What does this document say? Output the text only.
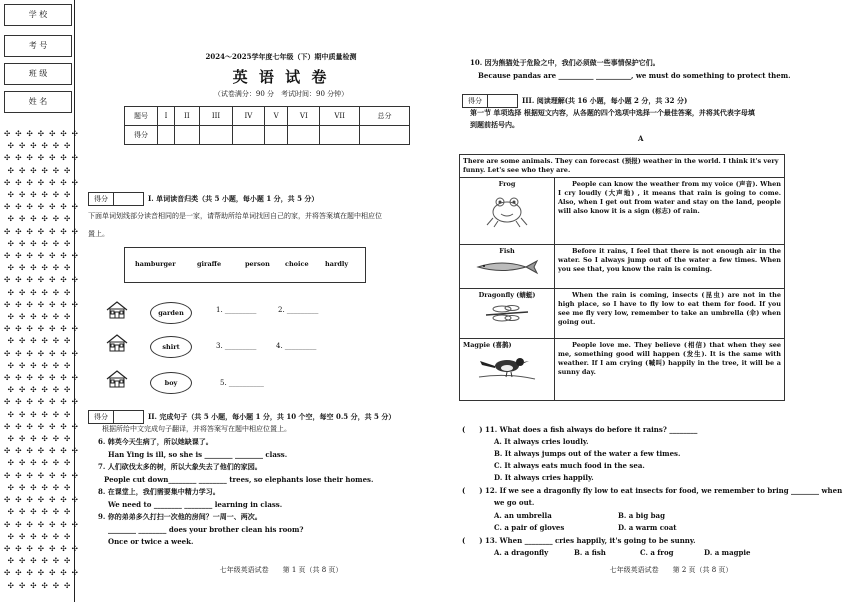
学 校
考 号
班 级
姓 名
✣ ✣ ✣ ✣ ✣ ✣ ✣
✣ ✣ ✣ ✣ ✣ ✣
✣ ✣ ✣ ✣ ✣ ✣ ✣
✣ ✣ ✣ ✣ ✣ ✣
✣ ✣ ✣ ✣ ✣ ✣ ✣
✣ ✣ ✣ ✣ ✣ ✣
✣ ✣ ✣ ✣ ✣ ✣ ✣
✣ ✣ ✣ ✣ ✣ ✣
✣ ✣ ✣ ✣ ✣ ✣ ✣
✣ ✣ ✣ ✣ ✣ ✣
✣ ✣ ✣ ✣ ✣ ✣ ✣
✣ ✣ ✣ ✣ ✣ ✣
✣ ✣ ✣ ✣ ✣ ✣ ✣
✣ ✣ ✣ ✣ ✣ ✣
✣ ✣ ✣ ✣ ✣ ✣ ✣
✣ ✣ ✣ ✣ ✣ ✣
✣ ✣ ✣ ✣ ✣ ✣ ✣
✣ ✣ ✣ ✣ ✣ ✣
✣ ✣ ✣ ✣ ✣ ✣ ✣
✣ ✣ ✣ ✣ ✣ ✣
✣ ✣ ✣ ✣ ✣ ✣ ✣
✣ ✣ ✣ ✣ ✣ ✣
✣ ✣ ✣ ✣ ✣ ✣ ✣
✣ ✣ ✣ ✣ ✣ ✣
✣ ✣ ✣ ✣ ✣ ✣ ✣
✣ ✣ ✣ ✣ ✣ ✣
✣ ✣ ✣ ✣ ✣ ✣ ✣
✣ ✣ ✣ ✣ ✣ ✣
✣ ✣ ✣ ✣ ✣ ✣ ✣
✣ ✣ ✣ ✣ ✣ ✣
✣ ✣ ✣ ✣ ✣ ✣ ✣
✣ ✣ ✣ ✣ ✣ ✣
✣ ✣ ✣ ✣ ✣ ✣ ✣
✣ ✣ ✣ ✣ ✣ ✣
✣ ✣ ✣ ✣ ✣ ✣ ✣
✣ ✣ ✣ ✣ ✣ ✣
✣ ✣ ✣ ✣ ✣ ✣ ✣
✣ ✣ ✣ ✣ ✣ ✣
2024～2025学年度七年级（下）期中质量检测
英 语 试 卷
（试卷满分：90 分　考试时间：90 分钟）
题号	I	II	III	IV	V	VI	VII	总分
得分								
得分	I. 单词读音归类（共 5 小题，每小题 1 分，共 5 分）
下面单词划线部分读音相同的是一家，请帮助所给单词找回自己的家，并将答案填在题中相应位
置上。
hamburger	giraffe	person choice	hardly
garden	1. _________	2. _________
shirt	3. _________	4. _________
boy	5. __________
得分	II. 完成句子（共 5 小题，每小题 1 分，共 10 个空，每空 0.5 分，共 5 分）
根据所给中文完成句子翻译，并将答案写在题中相应位置上。
6. 韩英今天生病了，所以她缺课了。
Han Ying is ill, so she is ________ ________ class.
7. 人们砍伐太多的树，所以大象失去了他们的家园。
People cut down________ ________ trees, so elephants lose their homes.
8. 在课堂上，我们需要集中精力学习。
We need to ________ ________ learning in class.
9. 你的弟弟多久打扫一次他的房间？一周一、两次。
________ ________ does your brother clean his room?
Once or twice a week.
七年级英语试卷　　第 1 页（共 8 页）
10. 因为熊猫处于危险之中，我们必须做一些事情保护它们。
Because pandas are __________ __________, we must do something to protect them.
得分	III. 阅读理解(共 16 小题，每小题 2 分，共 32 分)
第一节 单项选择 根据短文内容，从各题的四个选项中选择一个最佳答案，并将其代表字母填
到题前括号内。
A
There are some animals. They can forecast (预报) weather in the world. I think it's very funny. Let's see who they are.	

Frog	People can know the weather from my voice (声音). When I cry loudly (大声地) , it means that rain is going to come. Also, when I get out from water and stay on the land, people will also know it is a sign (标志) of rain.

Fish	Before it rains, I feel that there is not enough air in the water. So I always jump out of the water a few times. When you see that, you know the rain is coming.

Dragonfly (蜻蜓)	When the rain is coming, insects (昆虫) are not in the high place, so I have to fly low to eat them for food. If you see me fly very low, remember to take an umbrella (伞) when going out.

Magpie (喜鹊)	People love me. They believe (相信) that when they see me, something good will happen (发生). It is the same with weather. If I am crying (喊叫) happily in the tree, it will be a sunny day.
(　　) 11. What does a fish always do before it rains? ________
A. It always cries loudly.
B. It always jumps out of the water a few times.
C. It always eats much food in the sea.
D. It always cries happily.
(　　) 12. If we see a dragonfly fly low to eat insects for food, we remember to bring ________ when
we go out.
A. an umbrella	B. a big bag
C. a pair of gloves	D. a warm coat
(　　) 13. When ________ cries happily, it's going to be sunny.
A. a dragonfly	B. a fish	C. a frog	D. a magpie
七年级英语试卷　　第 2 页（共 8 页）
